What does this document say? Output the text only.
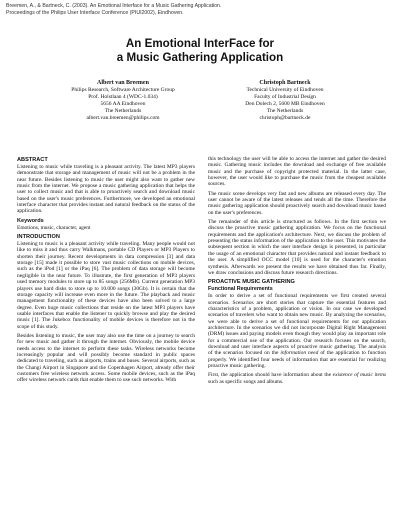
Breemen, A., & Bartneck, C. (2003). An Emotional Interface for a Music Gathering Application.
Proceedings of the Philips User Interface Conference (PIUI2002), Eindhoven.
An Emotional InterFace for
a Music Gathering Application
Albert van Breemen
Philips Research, Software Architecture Group
Prof. Holstlaan 4 (WDC-1.034)
5656 AA Eindhoven
The Netherlands
albert.van.breemen@philips.com
Christoph Bartneck
Technical University of Eindhoven
Faculty of Industrial Design
Den Dolech 2, 5600 MB Eindhoven
The Netherlands
christoph@bartneck.de
ABSTRACT

Listening to music while traveling is a pleasant activity. The latest MP3 players demonstrate that storage and management of music will not be a problem in the near future. Besides listening to music the user might also want to gather new music from the internet. We propose a music gathering application that helps the user to collect music and that is able to proactively search and download music based on the user's music preferences. Furthermore, we developed an emotional interface character that provides instant and natural feedback on the status of the application.

Keywords

Emotions, music, character, agent

INTRODUCTION

Listening to music is a pleasant activity while traveling. Many people would not like to miss it and thus carry Walkmans, portable CD Players or MP3 Players to shorten their journey. Recent developments in data compression [3] and data storage [15] made it possible to store vast music collections on mobile devices, such as the iPod [1] or the iPaq [6]. The problem of data storage will become negligible in the near future. To illustrate, the first generation of MP3 players used memory modules to store up to 85 songs (256Mb). Current generation MP3 players use hard disks to store up to 10.000 songs (30Gb). It is certain that the storage capacity will increase even more in the future. The playback and music management functionality of these devices have also been solved to a large degree. Even huge music collections that reside on the latest MP3 players have usable interfaces that enable the listener to quickly browse and play the desired music [1]. The Jukebox functionality of mobile devices is therefore not in the scope of this study.

Besides listening to music, the user may also use the time on a journey to search for new music and gather it through the internet. Obviously, the mobile device needs access to the internet to perform these tasks. Wireless networks become increasingly popular and will possibly become standard in public spaces dedicated to traveling, such as airports, trains and buses. Several airports, such as the Changi Airport in Singapore and the Copenhagen Airport, already offer their customers free wireless network access. Some mobile devices, such as the iPaq offer wireless network cards that enable them to use such networks. With

this technology the user will be able to access the internet and gather the desired music. Gathering music includes the download and exchange of free available music and the purchase of copyright protected material. In the latter case, however, the user would like to purchase the music from the cheapest available sources.

The music scene develops very fast and new albums are released every day. The user cannot be aware of the latest releases and tends all the time. Therefore the music gathering application should proactively search and download music based on the user's preferences.

The remainder of this article is structured as follows. In the first section we discuss the proactive music gathering application. We focus on the functional requirements and the application's architecture. Next, we discuss the problem of presenting the status information of the application to the user. This motivates the subsequent section in which the user interface design is presented, in particular the usage of an emotional character that provides natural and instant feedback to the user. A simplified OCC model [10] is used for the character's emotion synthesis. Afterwards we present the results we have obtained thus far. Finally, we draw conclusions and discuss future research directions.

PROACTIVE MUSIC GATHERING
Functional Requirements

In order to derive a set of functional requirements we first created several scenarios. Scenarios are short stories that capture the essential features and characteristics of a problem, application or vision. In our case we developed scenarios of travelers who want to obtain new music. By analyzing the scenarios, we were able to derive a set of functional requirements for our application architecture. In the scenarios we did not incorporate Digital Right Management (DRM) issues and paying models even though they would play an important role for a commercial use of the application. Our research focuses on the search, download and user interface aspects of proactive music gathering. The analysis of the scenarios focused on the information need of the application to function properly. We identified four needs of information that are essential for realizing proactive music gathering.

First, the application should have information about the existence of music items such as specific songs and albums.
